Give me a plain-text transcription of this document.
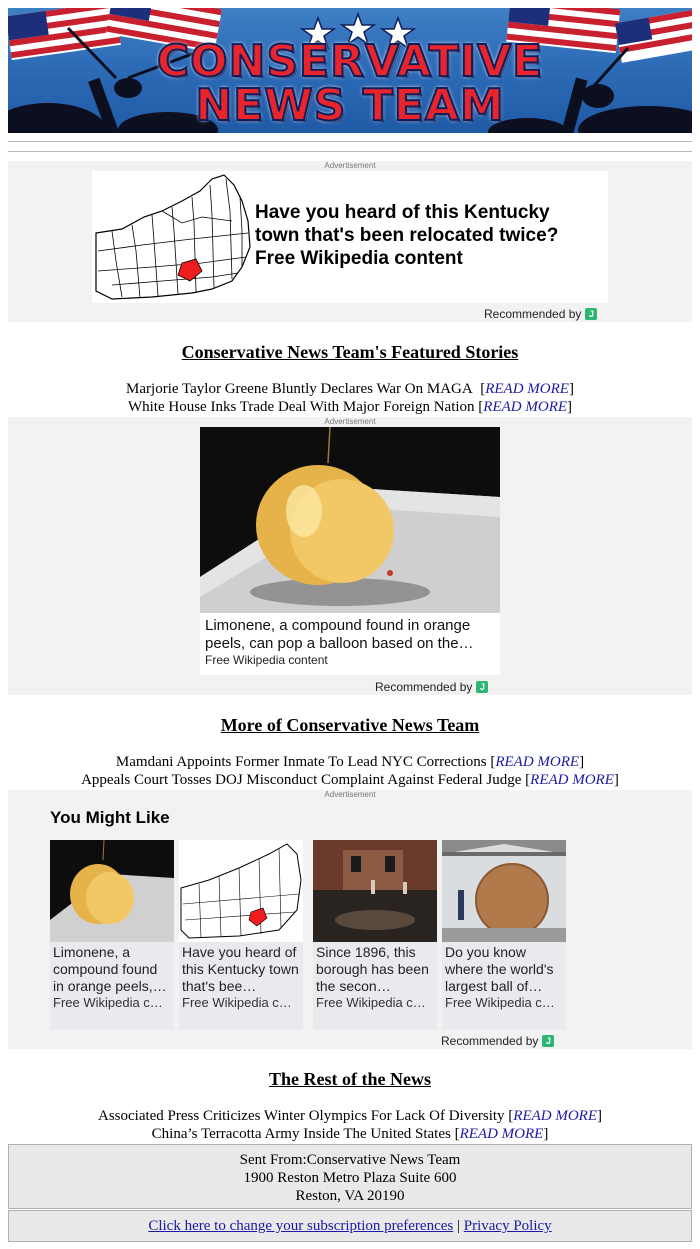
CONSERVATIVE
NEWS TEAM
Advertisement
Have you heard of this Kentucky town that's been relocated twice?
Free Wikipedia content
Recommended by J
Conservative News Team's Featured Stories
Marjorie Taylor Greene Bluntly Declares War On MAGA  [READ MORE]
White House Inks Trade Deal With Major Foreign Nation [READ MORE]
Advertisement
Limonene, a compound found in orange peels, can pop a balloon based on the…
Free Wikipedia content
Recommended by J
More of Conservative News Team
Mamdani Appoints Former Inmate To Lead NYC Corrections [READ MORE]
Appeals Court Tosses DOJ Misconduct Complaint Against Federal Judge [READ MORE]
Advertisement
You Might Like
Limonene, a compound found in orange peels,…
Free Wikipedia c…
Have you heard of this Kentucky town that's bee…
Free Wikipedia c…
Since 1896, this borough has been the secon…
Free Wikipedia c…
Do you know where the world's largest ball of…
Free Wikipedia c…
Recommended by J
The Rest of the News
Associated Press Criticizes Winter Olympics For Lack Of Diversity [READ MORE]
China’s Terracotta Army Inside The United States [READ MORE]
Sent From:Conservative News Team
1900 Reston Metro Plaza Suite 600
Reston, VA 20190
Click here to change your subscription preferences | Privacy Policy
